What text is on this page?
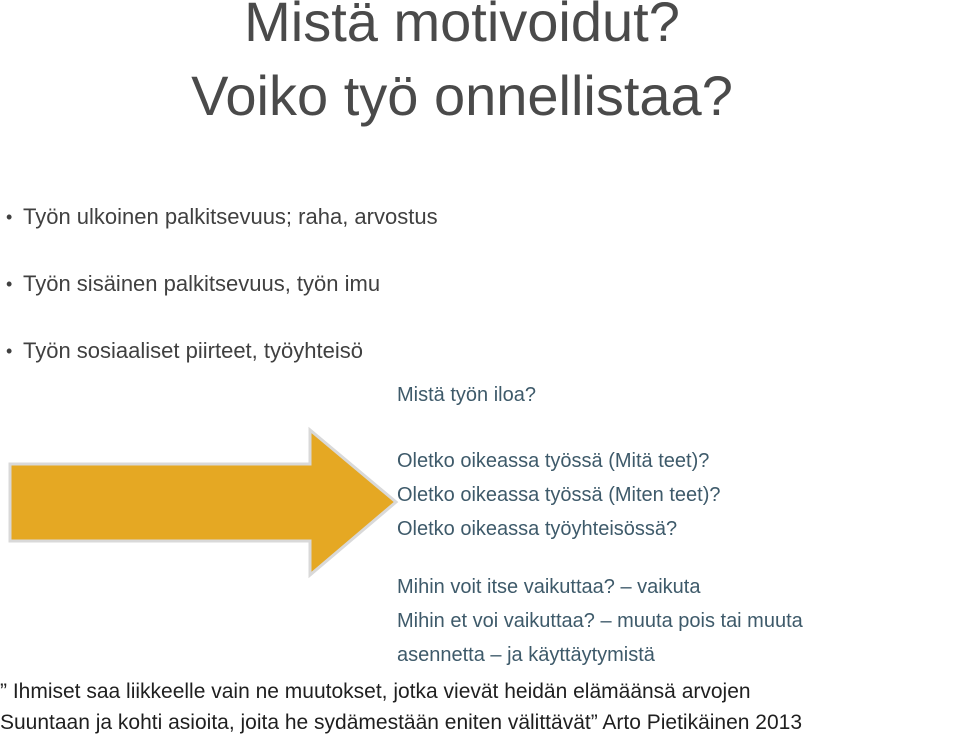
Mistä motivoidut?
Voiko työ onnellistaa?
• Työn ulkoinen palkitsevuus; raha, arvostus
• Työn sisäinen palkitsevuus, työn imu
• Työn sosiaaliset piirteet, työyhteisö
Mistä työn iloa?
Oletko oikeassa työssä (Mitä teet)?
Oletko oikeassa työssä (Miten teet)?
Oletko oikeassa työyhteisössä?
Mihin voit itse vaikuttaa? – vaikuta
Mihin et voi vaikuttaa? – muuta pois tai muuta
asennetta – ja käyttäytymistä
” Ihmiset saa liikkeelle vain ne muutokset, jotka vievät heidän elämäänsä arvojen
Suuntaan ja kohti asioita, joita he sydämestään eniten välittävät” Arto Pietikäinen 2013
